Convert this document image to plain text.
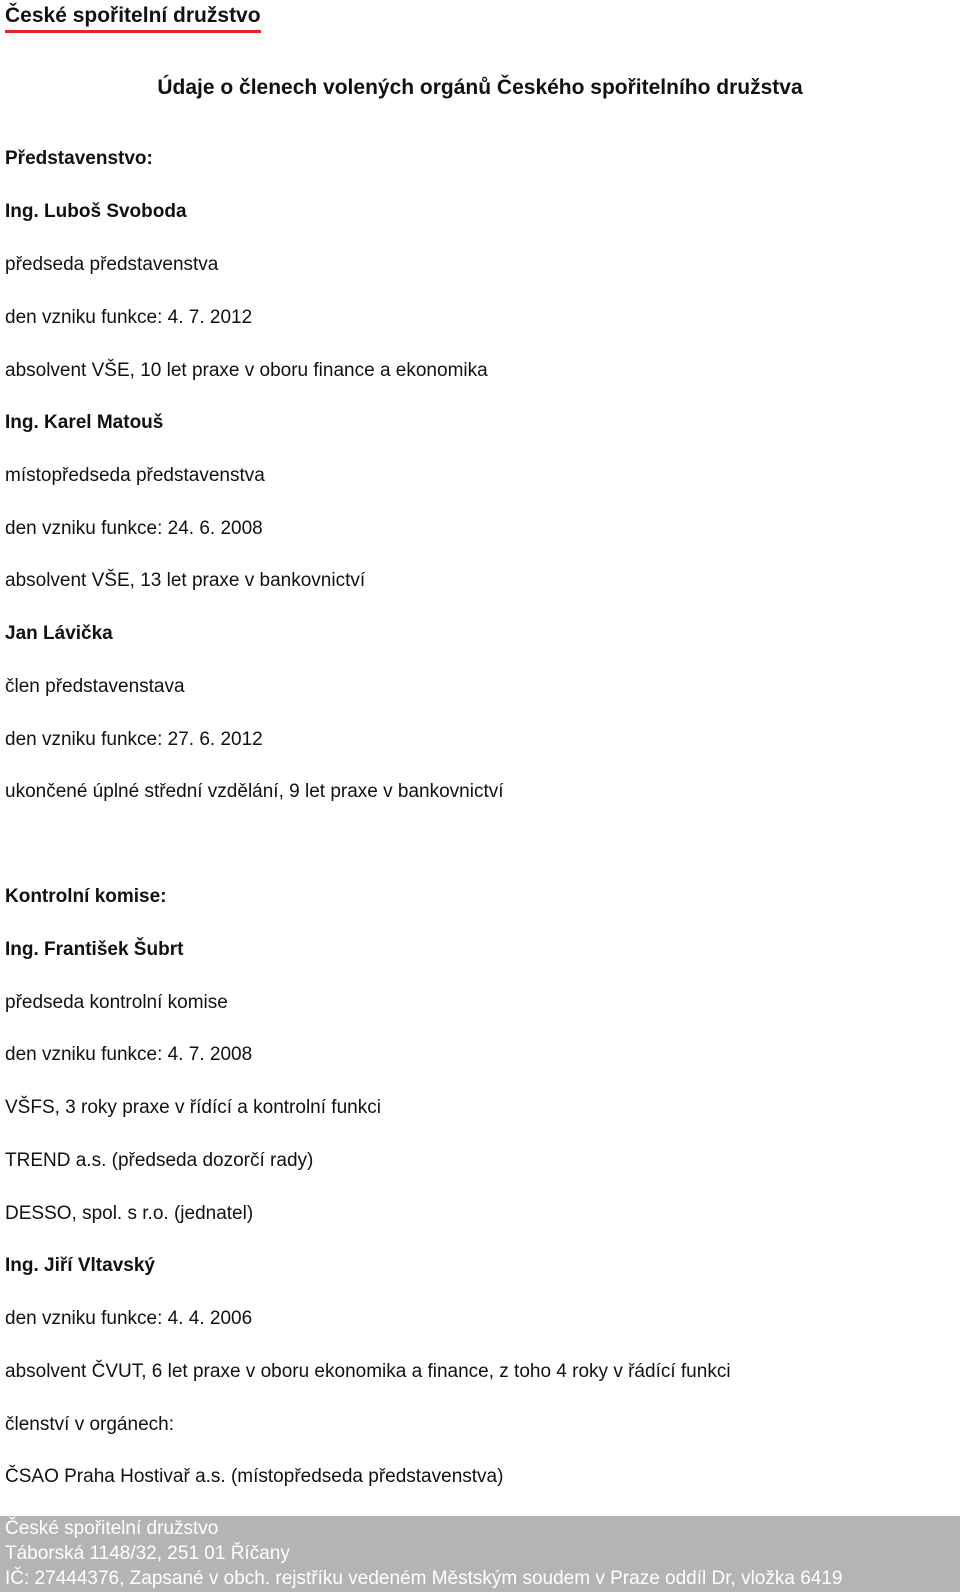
České spořitelní družstvo
Údaje o členech volených orgánů Českého spořitelního družstva
Představenstvo:
Ing. Luboš Svoboda
předseda představenstva
den vzniku funkce: 4. 7. 2012
absolvent VŠE, 10 let praxe v oboru finance a ekonomika
Ing. Karel Matouš
místopředseda představenstva
den vzniku funkce: 24. 6. 2008
absolvent VŠE, 13 let praxe v bankovnictví
Jan Lávička
člen představenstava
den vzniku funkce: 27. 6. 2012
ukončené úplné střední vzdělání, 9 let praxe v bankovnictví
Kontrolní komise:
Ing. František Šubrt
předseda kontrolní komise
den vzniku funkce: 4. 7. 2008
VŠFS, 3 roky praxe v řídící a kontrolní funkci
TREND a.s. (předseda dozorčí rady)
DESSO, spol. s r.o. (jednatel)
Ing. Jiří Vltavský
den vzniku funkce: 4. 4. 2006
absolvent ČVUT, 6 let praxe v oboru ekonomika a finance, z toho 4 roky v řádící funkci
členství v orgánech:
ČSAO Praha Hostivař a.s. (místopředseda představenstva)
České spořitelní družstvo
Táborská 1148/32, 251 01 Říčany
IČ: 27444376, Zapsané v obch. rejstříku vedeném Městským soudem v Praze oddíl Dr, vložka 6419
